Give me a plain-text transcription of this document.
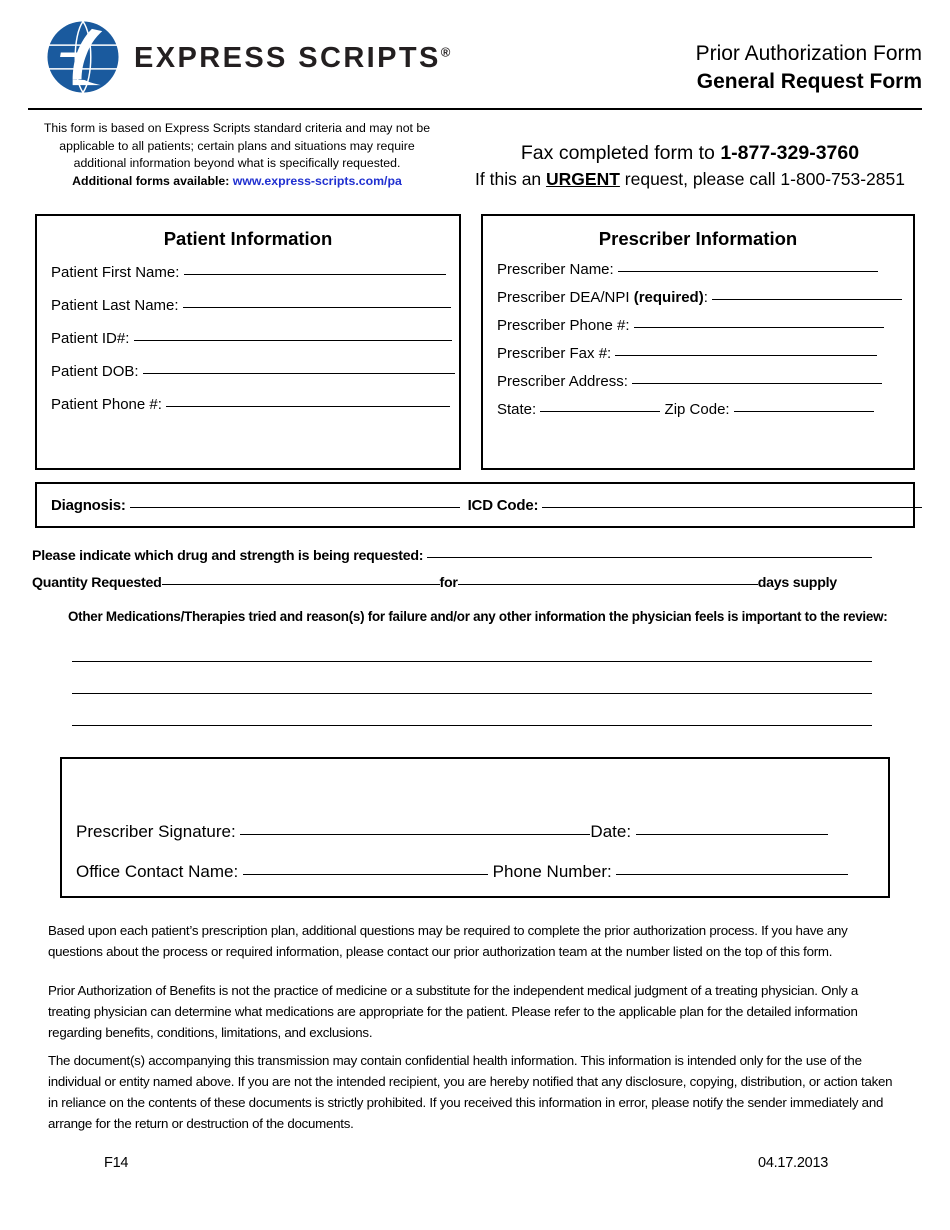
EXPRESS SCRIPTS®	Prior Authorization Form
General Request Form
This form is based on Express Scripts standard criteria and may not be
applicable to all patients; certain plans and situations may require
additional information beyond what is specifically requested.
Additional forms available: www.express-scripts.com/pa
Fax completed form to 1-877-329-3760
If this an URGENT request, please call 1-800-753-2851
Patient Information
Patient First Name:
Patient Last Name:
Patient ID#:
Patient DOB:
Patient Phone #:
Prescriber Information
Prescriber Name:
Prescriber DEA/NPI (required):
Prescriber Phone #:
Prescriber Fax #:
Prescriber Address:
State:	Zip Code:
Diagnosis:	ICD Code:
Please indicate which drug and strength is being requested:
Quantity Requested	for	days supply
Other Medications/Therapies tried and reason(s) for failure and/or any other information the physician feels is important to the review:
Prescriber Signature:	Date:
Office Contact Name:	Phone Number:
Based upon each patient’s prescription plan, additional questions may be required to complete the prior authorization process. If you have any questions about the process or required information, please contact our prior authorization team at the number listed on the top of this form.
Prior Authorization of Benefits is not the practice of medicine or a substitute for the independent medical judgment of a treating physician. Only a treating physician can determine what medications are appropriate for the patient. Please refer to the applicable plan for the detailed information regarding benefits, conditions, limitations, and exclusions.
The document(s) accompanying this transmission may contain confidential health information. This information is intended only for the use of the individual or entity named above. If you are not the intended recipient, you are hereby notified that any disclosure, copying, distribution, or action taken in reliance on the contents of these documents is strictly prohibited. If you received this information in error, please notify the sender immediately and arrange for the return or destruction of the documents.
F14	04.17.2013
